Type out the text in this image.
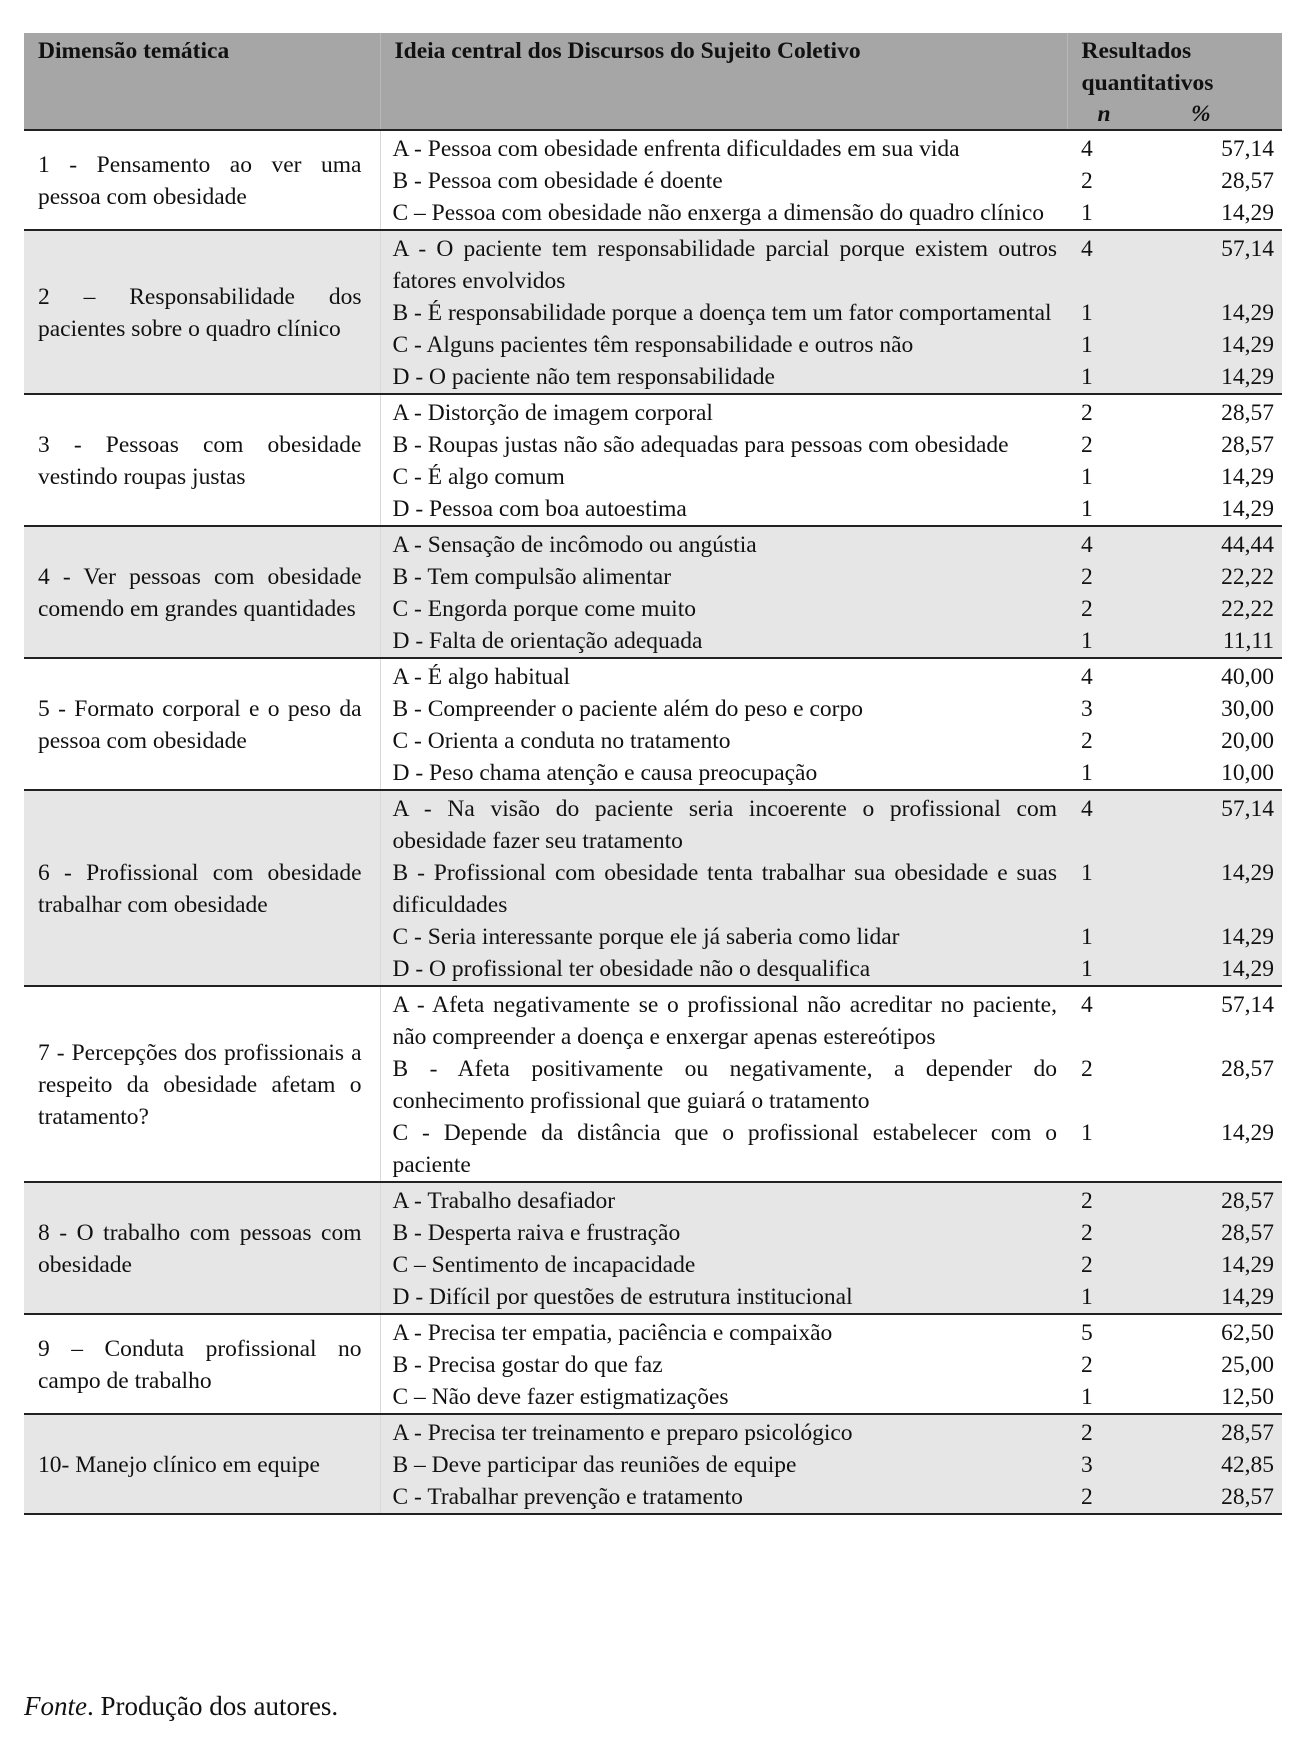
Dimensão temática	Ideia central dos Discursos do Sujeito Coletivo	Resultados quantitativos	
		n	%
1 - Pensamento ao ver uma pessoa com obesidade	A - Pessoa com obesidade enfrenta dificuldades em sua vida	4	57,14
	B - Pessoa com obesidade é doente	2	28,57
	C – Pessoa com obesidade não enxerga a dimensão do quadro clínico	1	14,29
2 – Responsabilidade dos pacientes sobre o quadro clínico	A - O paciente tem responsabilidade parcial porque existem outros fatores envolvidos	4	57,14
	B - É responsabilidade porque a doença tem um fator comportamental	1	14,29
	C - Alguns pacientes têm responsabilidade e outros não	1	14,29
	D - O paciente não tem responsabilidade	1	14,29
3 - Pessoas com obesidade vestindo roupas justas	A - Distorção de imagem corporal	2	28,57
	B - Roupas justas não são adequadas para pessoas com obesidade	2	28,57
	C - É algo comum	1	14,29
	D - Pessoa com boa autoestima	1	14,29
4 - Ver pessoas com obesidade comendo em grandes quantidades	A - Sensação de incômodo ou angústia	4	44,44
	B - Tem compulsão alimentar	2	22,22
	C - Engorda porque come muito	2	22,22
	D - Falta de orientação adequada	1	11,11
5 - Formato corporal e o peso da pessoa com obesidade	A - É algo habitual	4	40,00
	B - Compreender o paciente além do peso e corpo	3	30,00
	C - Orienta a conduta no tratamento	2	20,00
	D - Peso chama atenção e causa preocupação	1	10,00
6 - Profissional com obesidade trabalhar com obesidade	A - Na visão do paciente seria incoerente o profissional com obesidade fazer seu tratamento	4	57,14
	B - Profissional com obesidade tenta trabalhar sua obesidade e suas dificuldades	1	14,29
	C - Seria interessante porque ele já saberia como lidar	1	14,29
	D - O profissional ter obesidade não o desqualifica	1	14,29
7 - Percepções dos profissionais a respeito da obesidade afetam o tratamento?	A - Afeta negativamente se o profissional não acreditar no paciente, não compreender a doença e enxergar apenas estereótipos	4	57,14
	B - Afeta positivamente ou negativamente, a depender do conhecimento profissional que guiará o tratamento	2	28,57
	C - Depende da distância que o profissional estabelecer com o paciente	1	14,29
8 - O trabalho com pessoas com obesidade	A - Trabalho desafiador	2	28,57
	B - Desperta raiva e frustração	2	28,57
	C – Sentimento de incapacidade	2	14,29
	D - Difícil por questões de estrutura institucional	1	14,29
9 – Conduta profissional no campo de trabalho	A - Precisa ter empatia, paciência e compaixão	5	62,50
	B - Precisa gostar do que faz	2	25,00
	C – Não deve fazer estigmatizações	1	12,50
10- Manejo clínico em equipe	A - Precisa ter treinamento e preparo psicológico	2	28,57
	B – Deve participar das reuniões de equipe	3	42,85
	C - Trabalhar prevenção e tratamento	2	28,57
Fonte. Produção dos autores.
